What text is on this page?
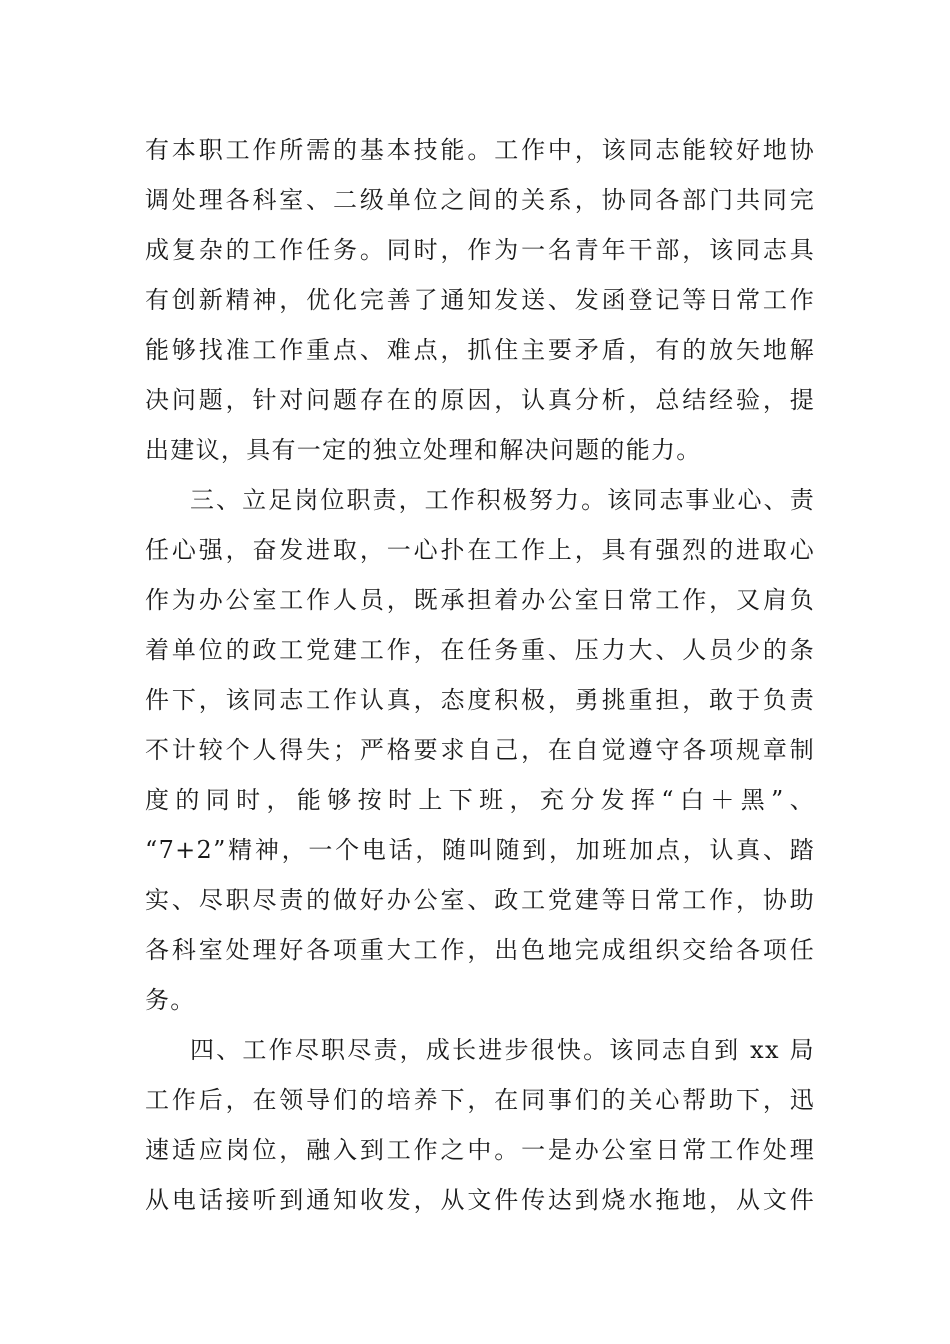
有本职工作所需的基本技能。工作中，该同志能较好地协
调处理各科室、二级单位之间的关系，协同各部门共同完
成复杂的工作任务。同时，作为一名青年干部，该同志具
有创新精神，优化完善了通知发送、发函登记等日常工作
能够找准工作重点、难点，抓住主要矛盾，有的放矢地解
决问题，针对问题存在的原因，认真分析，总结经验，提
出建议，具有一定的独立处理和解决问题的能力。
三、立足岗位职责，工作积极努力。该同志事业心、责
任心强，奋发进取，一心扑在工作上，具有强烈的进取心
作为办公室工作人员，既承担着办公室日常工作，又肩负
着单位的政工党建工作，在任务重、压力大、人员少的条
件下，该同志工作认真，态度积极，勇挑重担，敢于负责
不计较个人得失；严格要求自己，在自觉遵守各项规章制
度的同时，能够按时上下班，充分发挥“白＋黑”、
“7+2”精神，一个电话，随叫随到，加班加点，认真、踏
实、尽职尽责的做好办公室、政工党建等日常工作，协助
各科室处理好各项重大工作，出色地完成组织交给各项任
务。
四、工作尽职尽责，成长进步很快。该同志自到 xx 局
工作后，在领导们的培养下，在同事们的关心帮助下，迅
速适应岗位，融入到工作之中。一是办公室日常工作处理
从电话接听到通知收发，从文件传达到烧水拖地，从文件
